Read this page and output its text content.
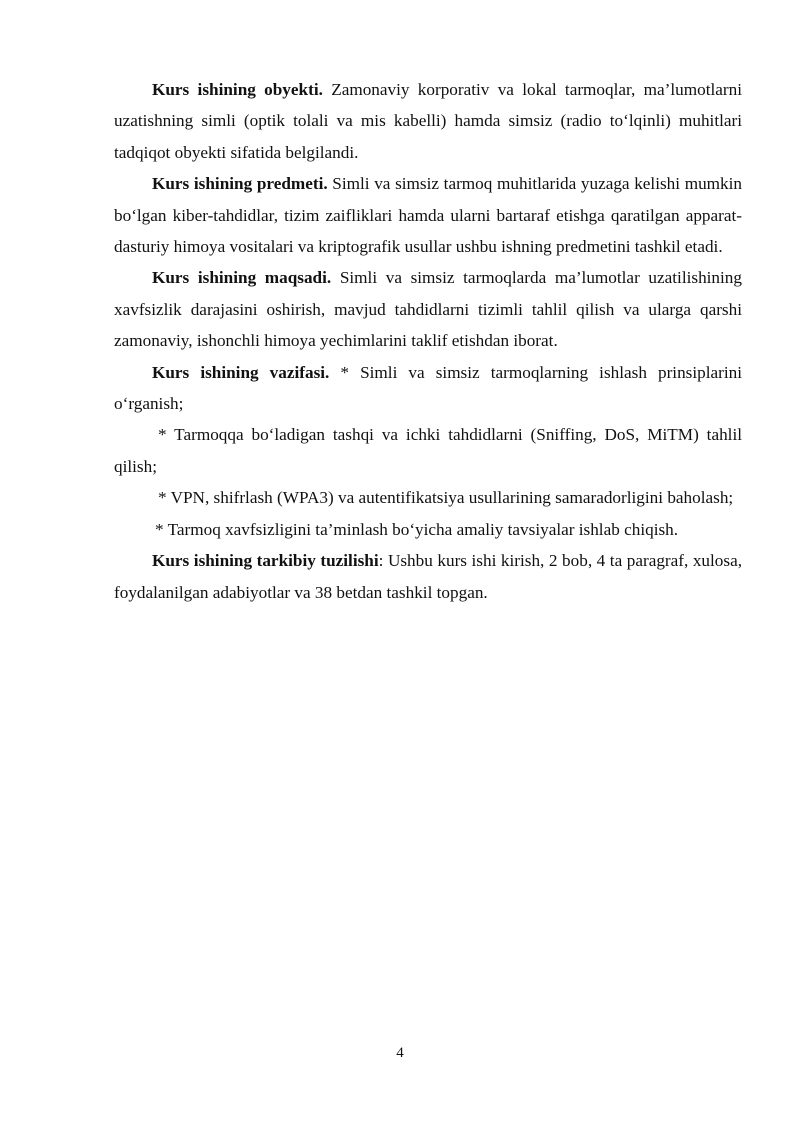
Kurs ishining obyekti. Zamonaviy korporativ va lokal tarmoqlar, ma’lumotlarni uzatishning simli (optik tolali va mis kabelli) hamda simsiz (radio to‘lqinli) muhitlari tadqiqot obyekti sifatida belgilandi.

Kurs ishining predmeti. Simli va simsiz tarmoq muhitlarida yuzaga kelishi mumkin bo‘lgan kiber-tahdidlar, tizim zaifliklari hamda ularni bartaraf etishga qaratilgan apparat-dasturiy himoya vositalari va kriptografik usullar ushbu ishning predmetini tashkil etadi.

Kurs ishining maqsadi. Simli va simsiz tarmoqlarda ma’lumotlar uzatilishining xavfsizlik darajasini oshirish, mavjud tahdidlarni tizimli tahlil qilish va ularga qarshi zamonaviy, ishonchli himoya yechimlarini taklif etishdan iborat.

Kurs ishining vazifasi. * Simli va simsiz tarmoqlarning ishlash prinsiplarini o‘rganish;

* Tarmoqqa bo‘ladigan tashqi va ichki tahdidlarni (Sniffing, DoS, MiTM) tahlil qilish;

* VPN, shifrlash (WPA3) va autentifikatsiya usullarining samaradorligini baholash;

* Tarmoq xavfsizligini ta’minlash bo‘yicha amaliy tavsiyalar ishlab chiqish.

Kurs ishining tarkibiy tuzilishi: Ushbu kurs ishi kirish, 2 bob, 4 ta paragraf, xulosa, foydalanilgan adabiyotlar va 38 betdan tashkil topgan.

4
